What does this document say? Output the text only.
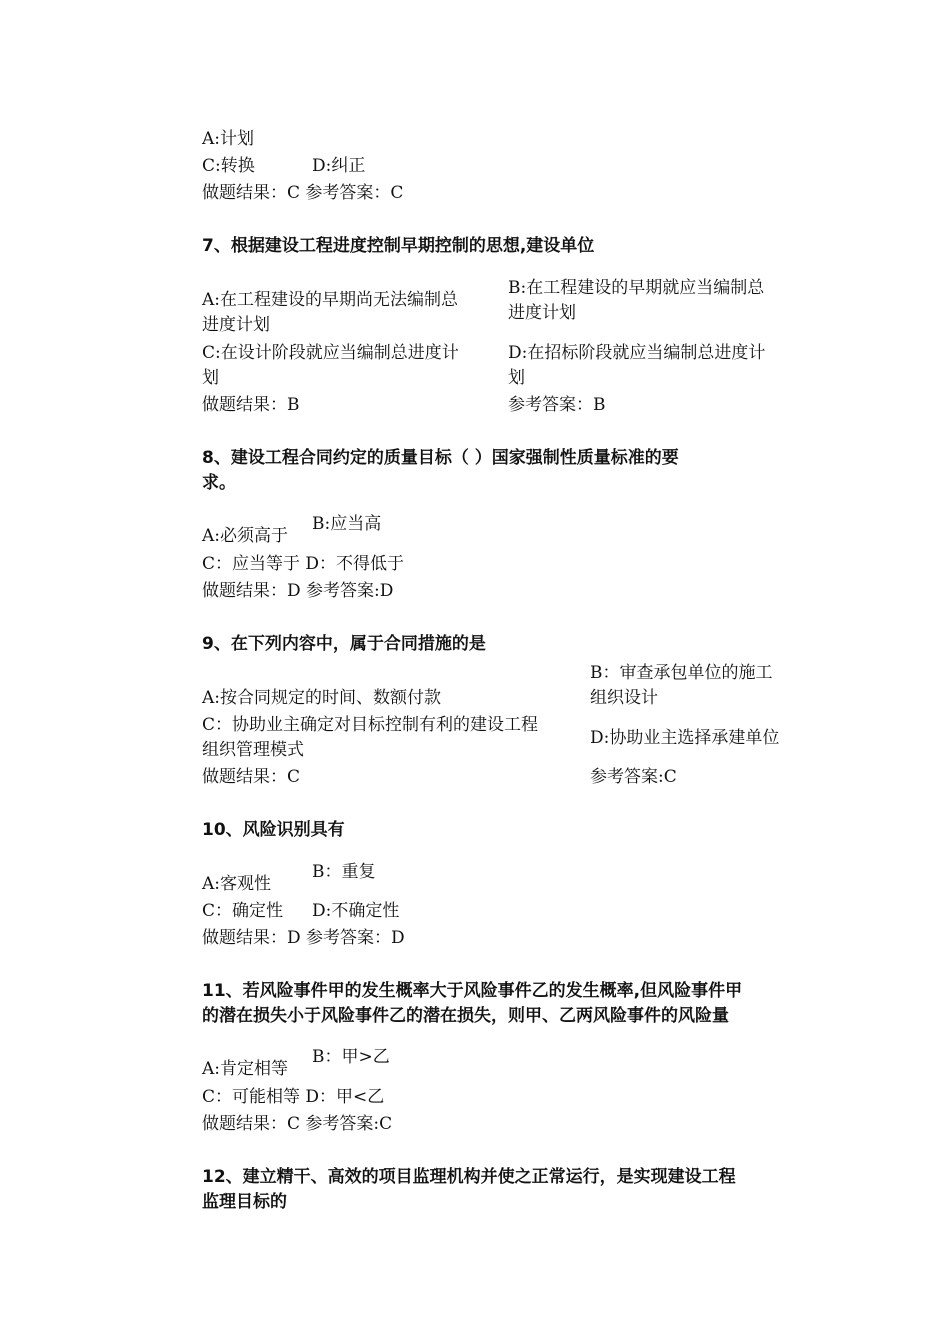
A:计划
C:转换	D:纠正
做题结果：C 参考答案：C
7、根据建设工程进度控制早期控制的思想,建设单位
A:在工程建设的早期尚无法编制总
进度计划
B:在工程建设的早期就应当编制总
进度计划
C:在设计阶段就应当编制总进度计
划
D:在招标阶段就应当编制总进度计
划
做题结果：B	参考答案：B
8、建设工程合同约定的质量目标（ ）国家强制性质量标准的要
求。
A:必须高于
B:应当高
C：应当等于 D：不得低于
做题结果：D 参考答案:D
9、在下列内容中，属于合同措施的是
A:按合同规定的时间、数额付款
B：审查承包单位的施工
组织设计
C：协助业主确定对目标控制有利的建设工程
组织管理模式
D:协助业主选择承建单位
做题结果：C	参考答案:C
10、风险识别具有
A:客观性
B：重复
C：确定性 D:不确定性
做题结果：D 参考答案：D
11、若风险事件甲的发生概率大于风险事件乙的发生概率,但风险事件甲
的潜在损失小于风险事件乙的潜在损失，则甲、乙两风险事件的风险量
A:肯定相等
B：甲>乙
C：可能相等 D：甲<乙
做题结果：C 参考答案:C
12、建立精干、高效的项目监理机构并使之正常运行，是实现建设工程
监理目标的
